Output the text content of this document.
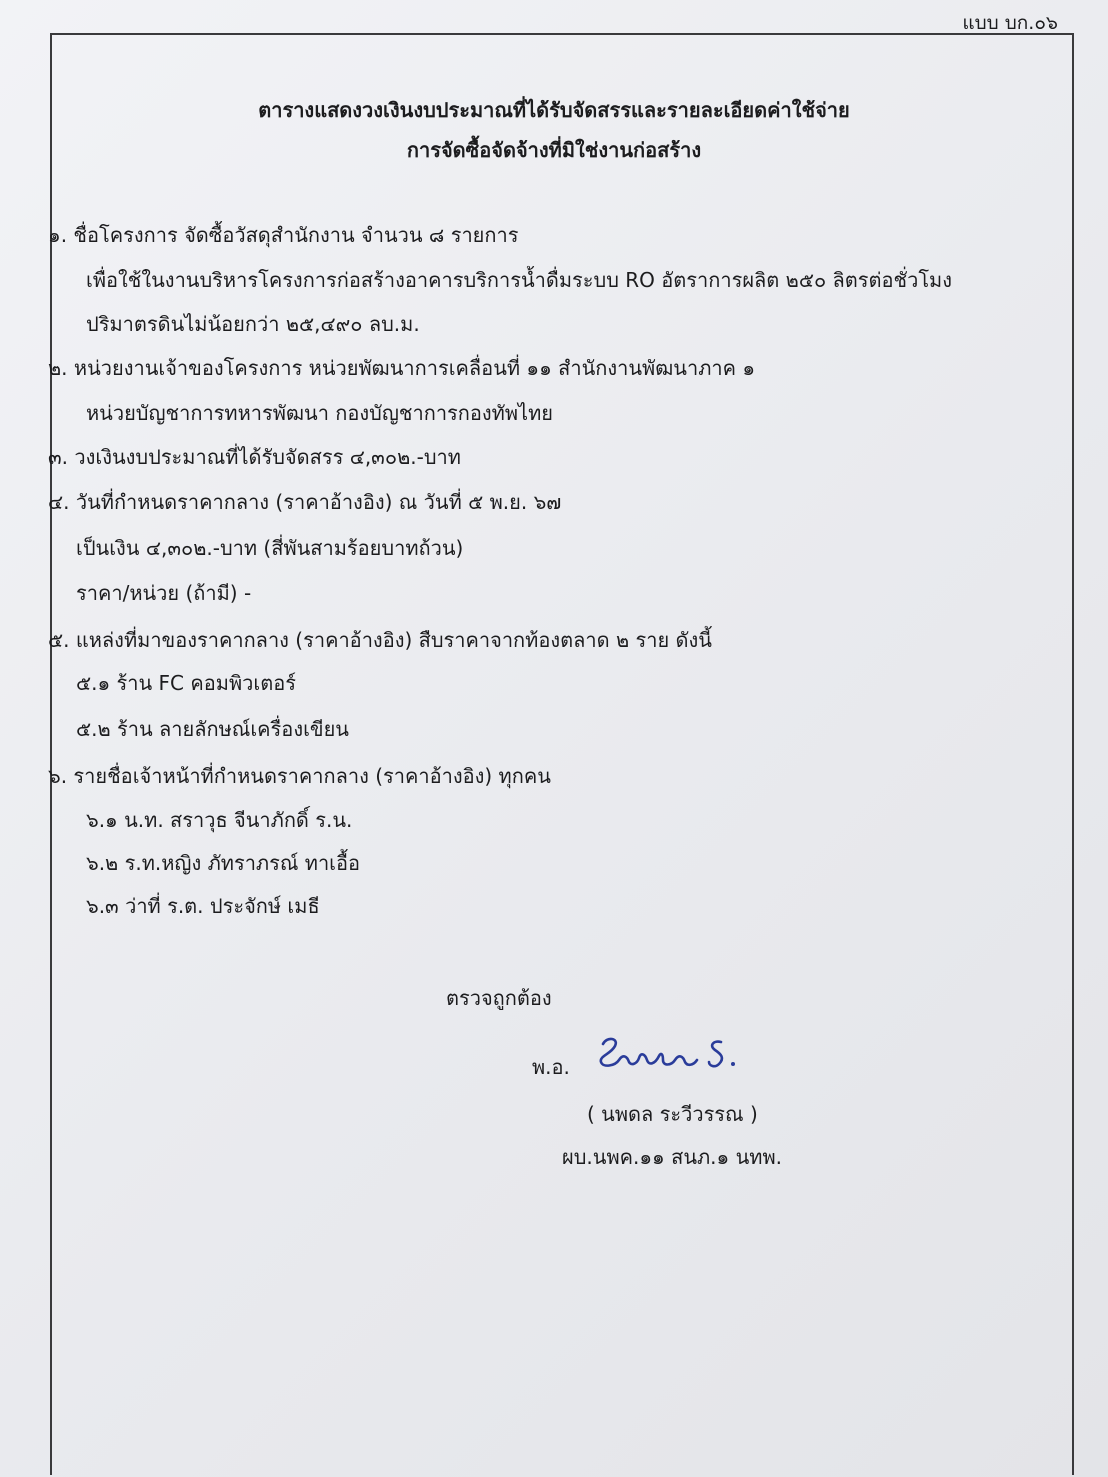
แบบ บก.๐๖
ตารางแสดงวงเงินงบประมาณที่ได้รับจัดสรรและรายละเอียดค่าใช้จ่าย
การจัดซื้อจัดจ้างที่มิใช่งานก่อสร้าง
๑. ชื่อโครงการ จัดซื้อวัสดุสำนักงาน จำนวน ๘ รายการ
เพื่อใช้ในงานบริหารโครงการก่อสร้างอาคารบริการน้ำดื่มระบบ RO อัตราการผลิต ๒๕๐ ลิตรต่อชั่วโมง
ปริมาตรดินไม่น้อยกว่า ๒๕,๔๙๐ ลบ.ม.
๒. หน่วยงานเจ้าของโครงการ หน่วยพัฒนาการเคลื่อนที่ ๑๑ สำนักงานพัฒนาภาค ๑
หน่วยบัญชาการทหารพัฒนา กองบัญชาการกองทัพไทย
๓. วงเงินงบประมาณที่ได้รับจัดสรร ๔,๓๐๒.-บาท
๔. วันที่กำหนดราคากลาง (ราคาอ้างอิง) ณ วันที่ ๕ พ.ย. ๖๗
เป็นเงิน ๔,๓๐๒.-บาท (สี่พันสามร้อยบาทถ้วน)
ราคา/หน่วย (ถ้ามี) -
๕. แหล่งที่มาของราคากลาง (ราคาอ้างอิง) สืบราคาจากท้องตลาด ๒ ราย ดังนี้
๕.๑ ร้าน FC คอมพิวเตอร์
๕.๒ ร้าน ลายลักษณ์เครื่องเขียน
๖. รายชื่อเจ้าหน้าที่กำหนดราคากลาง (ราคาอ้างอิง) ทุกคน
๖.๑ น.ท. สราวุธ จีนาภักดิ์ ร.น.
๖.๒ ร.ท.หญิง ภัทราภรณ์ ทาเอื้อ
๖.๓ ว่าที่ ร.ต. ประจักษ์ เมธี
ตรวจถูกต้อง
พ.อ.
( นพดล ระวีวรรณ )
ผบ.นพค.๑๑ สนภ.๑ นทพ.
